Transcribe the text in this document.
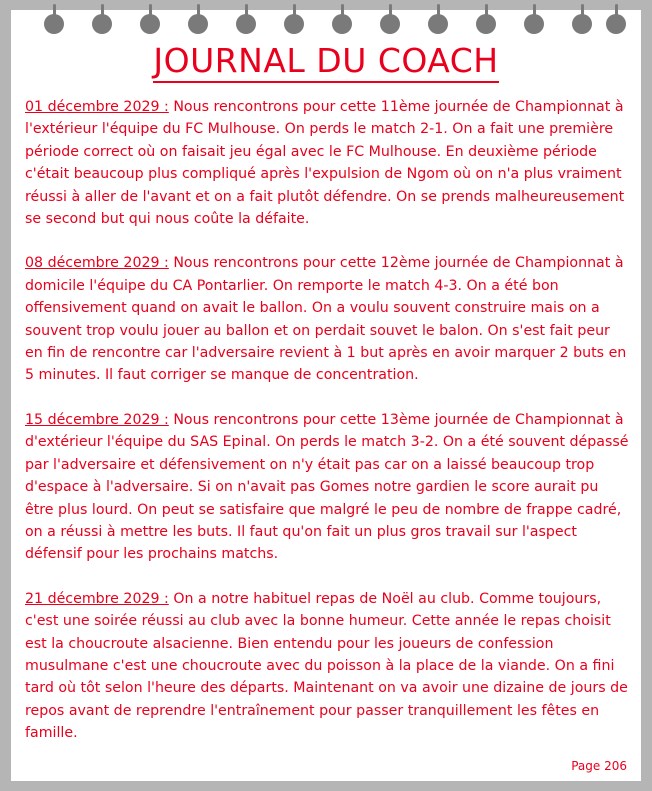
JOURNAL DU COACH

01 décembre 2029 : Nous rencontrons pour cette 11ème journée de Championnat à l'extérieur l'équipe du FC Mulhouse. On perds le match 2-1. On a fait une première période correct où on faisait jeu égal avec le FC Mulhouse. En deuxième période c'était beaucoup plus compliqué après l'expulsion de Ngom où on n'a plus vraiment réussi à aller de l'avant et on a fait plutôt défendre. On se prends malheureusement se second but qui nous coûte la défaite.

08 décembre 2029 : Nous rencontrons pour cette 12ème journée de Championnat à domicile l'équipe du CA Pontarlier. On remporte le match 4-3. On a été bon offensivement quand on avait le ballon. On a voulu souvent construire mais on a souvent trop voulu jouer au ballon et on perdait souvet le balon. On s'est fait peur en fin de rencontre car l'adversaire revient à 1 but après en avoir marquer 2 buts en 5 minutes. Il faut corriger se manque de concentration.

15 décembre 2029 : Nous rencontrons pour cette 13ème journée de Championnat à d'extérieur l'équipe du SAS Epinal. On perds le match 3-2. On a été souvent dépassé par l'adversaire et défensivement on n'y était pas car on a laissé beaucoup trop d'espace à l'adversaire. Si on n'avait pas Gomes notre gardien le score aurait pu être plus lourd. On peut se satisfaire que malgré le peu de nombre de frappe cadré, on a réussi à mettre les buts. Il faut qu'on fait un plus gros travail sur l'aspect défensif pour les prochains matchs.

21 décembre 2029 : On a notre habituel repas de Noël au club. Comme toujours, c'est une soirée réussi au club avec la bonne humeur. Cette année le repas choisit est la choucroute alsacienne. Bien entendu pour les joueurs de confession musulmane c'est une choucroute avec du poisson à la place de la viande. On a fini tard où tôt selon l'heure des départs. Maintenant on va avoir une dizaine de jours de repos avant de reprendre l'entraînement pour passer tranquillement les fêtes en famille.

Page 206
